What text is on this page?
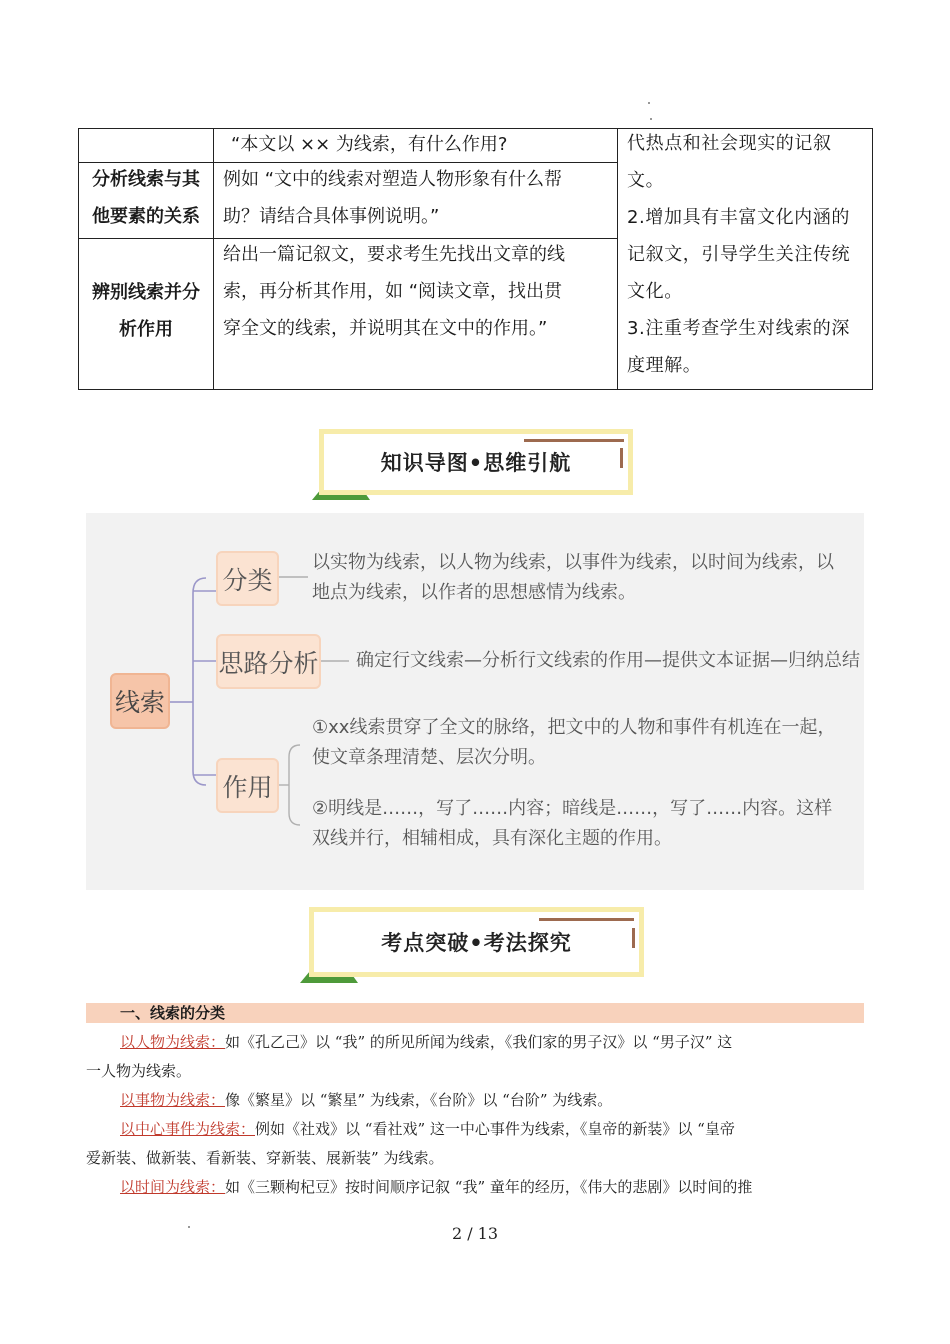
“本文以 ×× 为线索，有什么作用?

分析线索与其

他要素的关系

例如 “文中的线索对塑造人物形象有什么帮

助？请结合具体事例说明。”

辨别线索并分

析作用

给出一篇记叙文，要求考生先找出文章的线

索，再分析其作用，如 “阅读文章，找出贯

穿全文的线索，并说明其在文中的作用。”

代热点和社会现实的记叙

文。

2.增加具有丰富文化内涵的

记叙文，引导学生关注传统

文化。

3.注重考查学生对线索的深

度理解。

知识导图•思维引航
线索
分类

以实物为线索，以人物为线索，以事件为线索，以时间为线索，以

地点为线索，以作者的思想感情为线索。

思路分析 确定行文线索—分析行文线索的作用—提供文本证据—归纳总结
作用

①xx线索贯穿了全文的脉络，把文中的人物和事件有机连在一起，

使文章条理清楚、层次分明。

②明线是……，写了……内容；暗线是……，写了……内容。这样

双线并行，相辅相成，具有深化主题的作用。

考点突破•考法探究
一、线索的分类
以人物为线索：如《孔乙己》以 “我” 的所见所闻为线索，《我们家的男子汉》以 “男子汉” 这
一人物为线索。
以事物为线索：像《繁星》以 “繁星” 为线索，《台阶》以 “台阶” 为线索。
以中心事件为线索：例如《社戏》以 “看社戏” 这一中心事件为线索，《皇帝的新装》以 “皇帝
爱新装、做新装、看新装、穿新装、展新装” 为线索。
以时间为线索：如《三颗枸杞豆》按时间顺序记叙 “我” 童年的经历，《伟大的悲剧》以时间的推
2 / 13
